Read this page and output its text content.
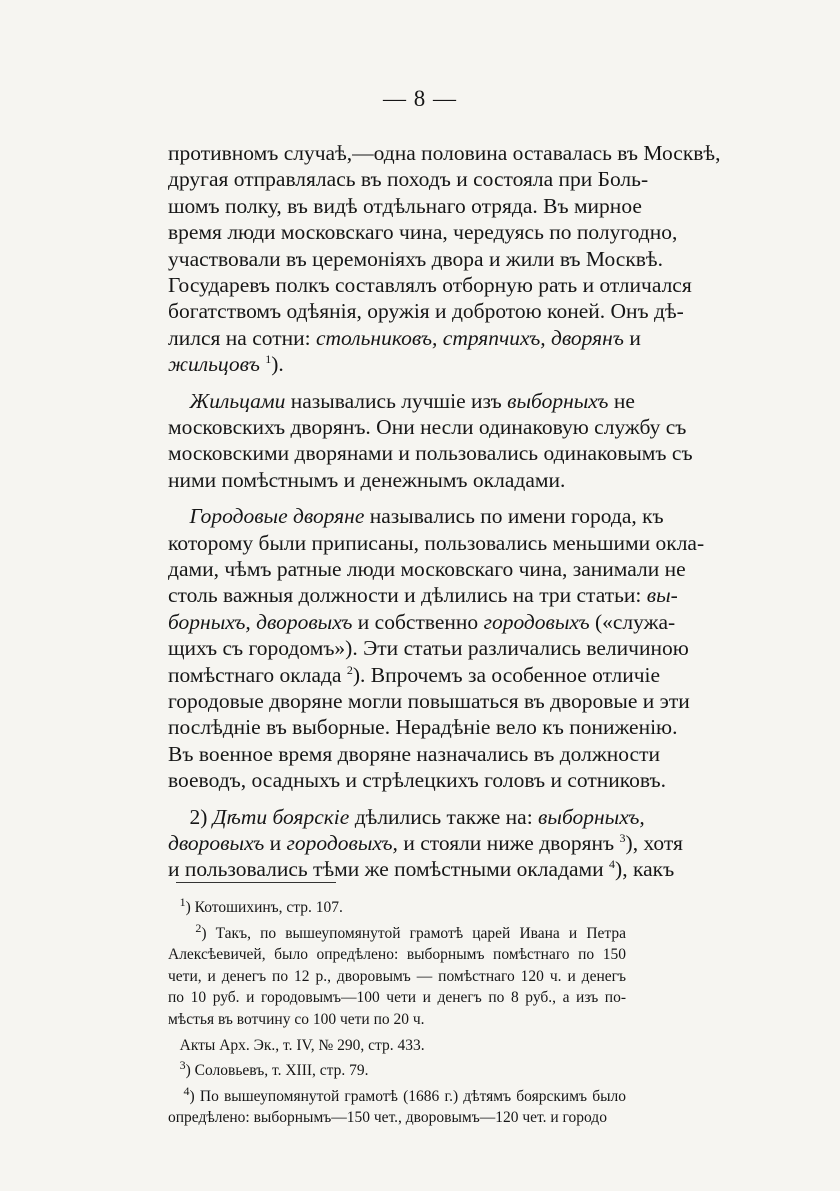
— 8 —
противномъ случаѣ,—одна половина оставалась въ Москвѣ,
другая отправлялась въ походъ и состояла при Боль-
шомъ полку, въ видѣ отдѣльнаго отряда. Въ мирное
время люди московскаго чина, чередуясь по полугодно,
участвовали въ церемоніяхъ двора и жили въ Москвѣ.
Государевъ полкъ составлялъ отборную рать и отличался
богатствомъ одѣянія, оружія и добротою коней. Онъ дѣ-
лился на сотни: стольниковъ, стряпчихъ, дворянъ и
жильцовъ $^1$).
Жильцами назывались лучшіе изъ выборныхъ не
московскихъ дворянъ. Они несли одинаковую службу съ
московскими дворянами и пользовались одинаковымъ съ
ними помѣстнымъ и денежнымъ окладами.
Городовые дворяне назывались по имени города, къ
которому были приписаны, пользовались меньшими окла-
дами, чѣмъ ратные люди московскаго чина, занимали не
столь важныя должности и дѣлились на три статьи: вы-
борныхъ, дворовыхъ и собственно городовыхъ («служа-
щихъ съ городомъ»). Эти статьи различались величиною
помѣстнаго оклада $^2$). Впрочемъ за особенное отличіе
городовые дворяне могли повышаться въ дворовые и эти
послѣдніе въ выборные. Нерадѣніе вело къ пониженію.
Въ военное время дворяне назначались въ должности
воеводъ, осадныхъ и стрѣлецкихъ головъ и сотниковъ.
2) Дѣти боярскіе дѣлились также на: выборныхъ,
дворовыхъ и городовыхъ, и стояли ниже дворянъ $^3$), хотя
и пользовались тѣми же помѣстными окладами $^4$), какъ
$^1$) Котошихинъ, стр. 107.
$^2$) Такъ, по вышеупомянутой грамотѣ царей Ивана и Петра
Алексѣевичей, было опредѣлено: выборнымъ помѣстнаго по 150
чети, и денегъ по 12 р., дворовымъ — помѣстнаго 120 ч. и денегъ
по 10 руб. и городовымъ—100 чети и денегъ по 8 руб., а изъ по-
мѣстья въ вотчину со 100 чети по 20 ч.
Акты Арх. Эк., т. IV, № 290, стр. 433.
$^3$) Соловьевъ, т. XIII, стр. 79.
$^4$) По вышеупомянутой грамотѣ (1686 г.) дѣтямъ боярскимъ было
опредѣлено: выборнымъ—150 чет., дворовымъ—120 чет. и городо
